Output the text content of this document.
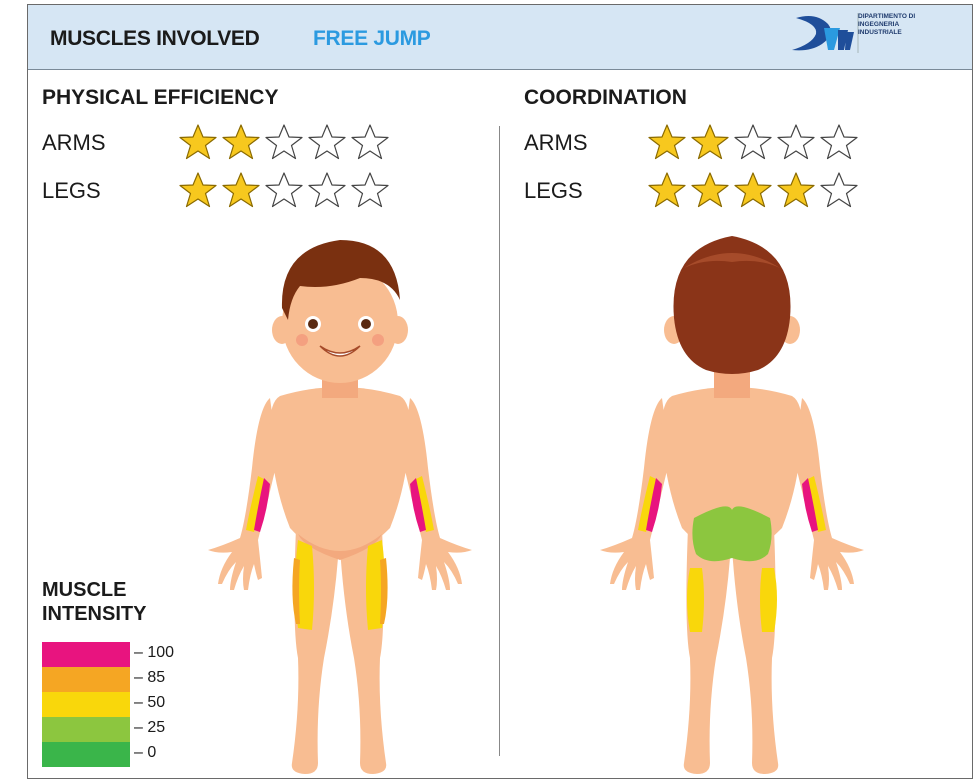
MUSCLES INVOLVED	FREE JUMP
DIPARTIMENTO DI INGEGNERIA INDUSTRIALE
PHYSICAL EFFICIENCY
ARMS
LEGS
COORDINATION
ARMS
LEGS
MUSCLE
INTENSITY
– 100
– 85
– 50
– 25
– 0
